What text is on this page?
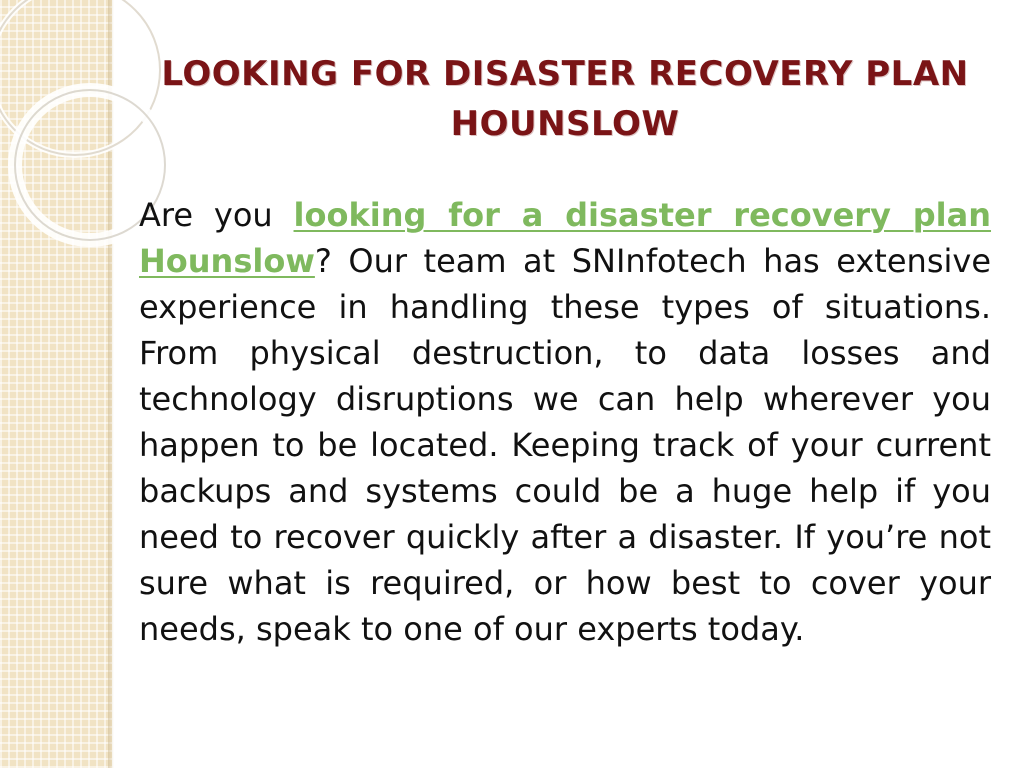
LOOKING FOR DISASTER RECOVERY PLAN HOUNSLOW

Are you looking for a disaster recovery plan Hounslow? Our team at SNInfotech has extensive experience in handling these types of situations. From physical destruction, to data losses and technology disruptions we can help wherever you happen to be located. Keeping track of your current backups and systems could be a huge help if you need to recover quickly after a disaster. If you’re not sure what is required, or how best to cover your needs, speak to one of our experts today.
